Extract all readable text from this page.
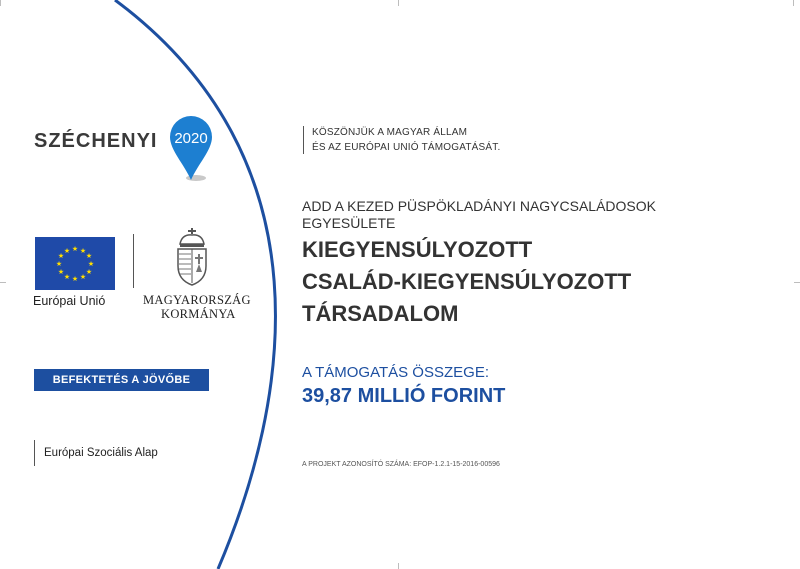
SZÉCHENYI 2020
★ ★
★
★
★
★
★
★
★
★
★
★
Európai Unió	MAGYARORSZÁG
KORMÁNYA
BEFEKTETÉS A JÖVŐBE
Európai Szociális Alap
KÖSZÖNJÜK A MAGYAR ÁLLAM
ÉS AZ EURÓPAI UNIÓ TÁMOGATÁSÁT.
ADD A KEZED PÜSPÖKLADÁNYI NAGYCSALÁDOSOK
EGYESÜLETE
KIEGYENSÚLYOZOTT
CSALÁD-KIEGYENSÚLYOZOTT
TÁRSADALOM
A TÁMOGATÁS ÖSSZEGE:
39,87 MILLIÓ FORINT
A PROJEKT AZONOSÍTÓ SZÁMA: EFOP-1.2.1-15-2016-00596
